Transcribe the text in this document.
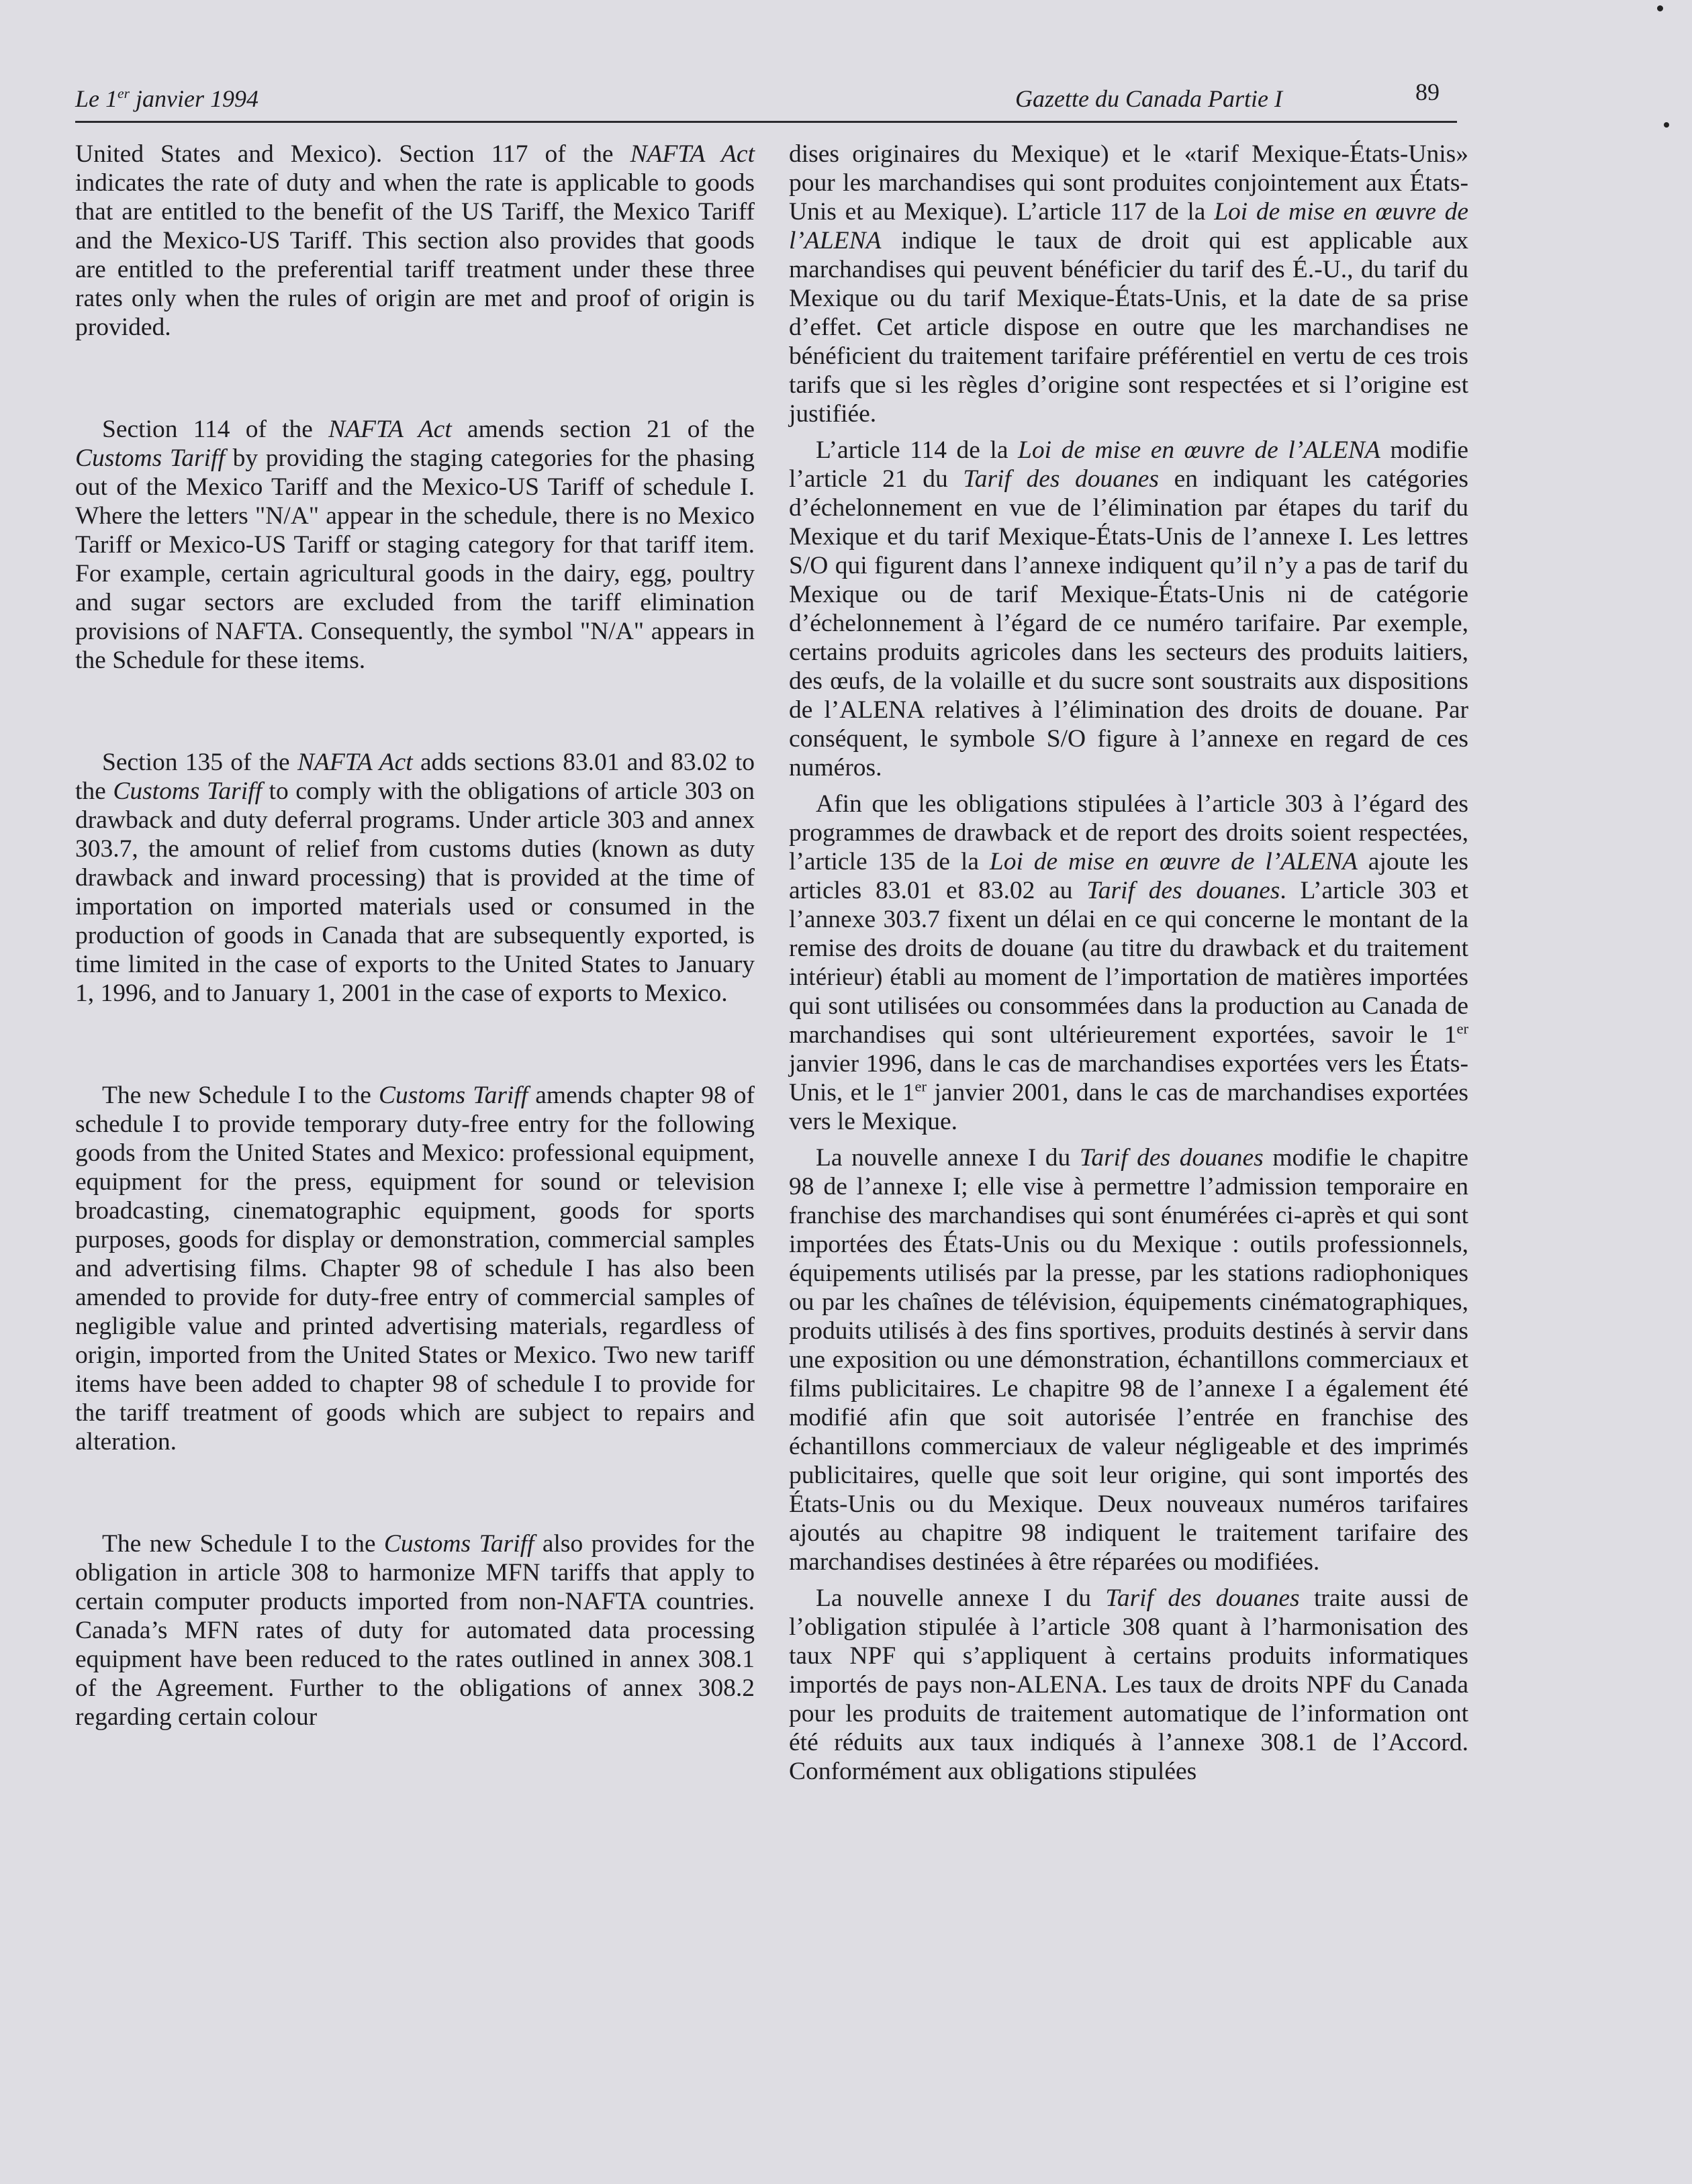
Le 1er janvier 1994	Gazette du Canada Partie I	89

United States and Mexico). Section 117 of the NAFTA Act indicates the rate of duty and when the rate is applicable to goods that are entitled to the benefit of the US Tariff, the Mexico Tariff and the Mexico-US Tariff. This section also provides that goods are entitled to the preferential tariff treatment under these three rates only when the rules of origin are met and proof of origin is provided.

Section 114 of the NAFTA Act amends section 21 of the Customs Tariff by providing the staging categories for the phasing out of the Mexico Tariff and the Mexico-US Tariff of schedule I. Where the letters "N/A" appear in the schedule, there is no Mexico Tariff or Mexico-US Tariff or staging category for that tariff item. For example, certain agricultural goods in the dairy, egg, poultry and sugar sectors are excluded from the tariff elimination provisions of NAFTA. Consequently, the symbol "N/A" appears in the Schedule for these items.

Section 135 of the NAFTA Act adds sections 83.01 and 83.02 to the Customs Tariff to comply with the obligations of article 303 on drawback and duty deferral programs. Under article 303 and annex 303.7, the amount of relief from customs duties (known as duty drawback and inward processing) that is provided at the time of importation on imported materials used or consumed in the production of goods in Canada that are subsequently exported, is time limited in the case of exports to the United States to January 1, 1996, and to January 1, 2001 in the case of exports to Mexico.

The new Schedule I to the Customs Tariff amends chapter 98 of schedule I to provide temporary duty-free entry for the following goods from the United States and Mexico: professional equipment, equipment for the press, equipment for sound or television broadcasting, cinematographic equipment, goods for sports purposes, goods for display or demonstration, commercial samples and advertising films. Chapter 98 of schedule I has also been amended to provide for duty-free entry of commercial samples of negligible value and printed advertising materials, regardless of origin, imported from the United States or Mexico. Two new tariff items have been added to chapter 98 of schedule I to provide for the tariff treatment of goods which are subject to repairs and alteration.

The new Schedule I to the Customs Tariff also provides for the obligation in article 308 to harmonize MFN tariffs that apply to certain computer products imported from non-NAFTA countries. Canada’s MFN rates of duty for automated data processing equipment have been reduced to the rates outlined in annex 308.1 of the Agreement. Further to the obligations of annex 308.2 regarding certain colour

dises originaires du Mexique) et le «tarif Mexique-États-Unis» pour les marchandises qui sont produites conjointement aux États-Unis et au Mexique). L’article 117 de la Loi de mise en œuvre de l’ALENA indique le taux de droit qui est applicable aux marchandises qui peuvent bénéficier du tarif des É.-U., du tarif du Mexique ou du tarif Mexique-États-Unis, et la date de sa prise d’effet. Cet article dispose en outre que les marchandises ne bénéficient du traitement tarifaire préférentiel en vertu de ces trois tarifs que si les règles d’origine sont respectées et si l’origine est justifiée.

L’article 114 de la Loi de mise en œuvre de l’ALENA modifie l’article 21 du Tarif des douanes en indiquant les catégories d’échelonnement en vue de l’élimination par étapes du tarif du Mexique et du tarif Mexique-États-Unis de l’annexe I. Les lettres S/O qui figurent dans l’annexe indiquent qu’il n’y a pas de tarif du Mexique ou de tarif Mexique-États-Unis ni de catégorie d’échelonnement à l’égard de ce numéro tarifaire. Par exemple, certains produits agricoles dans les secteurs des produits laitiers, des œufs, de la volaille et du sucre sont soustraits aux dispositions de l’ALENA relatives à l’élimination des droits de douane. Par conséquent, le symbole S/O figure à l’annexe en regard de ces numéros.

Afin que les obligations stipulées à l’article 303 à l’égard des programmes de drawback et de report des droits soient respectées, l’article 135 de la Loi de mise en œuvre de l’ALENA ajoute les articles 83.01 et 83.02 au Tarif des douanes. L’article 303 et l’annexe 303.7 fixent un délai en ce qui concerne le montant de la remise des droits de douane (au titre du drawback et du traitement intérieur) établi au moment de l’importation de matières importées qui sont utilisées ou consommées dans la production au Canada de marchandises qui sont ultérieurement exportées, savoir le 1er janvier 1996, dans le cas de marchandises exportées vers les États-Unis, et le 1er janvier 2001, dans le cas de marchandises exportées vers le Mexique.

La nouvelle annexe I du Tarif des douanes modifie le chapitre 98 de l’annexe I; elle vise à permettre l’admission temporaire en franchise des marchandises qui sont énumérées ci-après et qui sont importées des États-Unis ou du Mexique : outils professionnels, équipements utilisés par la presse, par les stations radiophoniques ou par les chaînes de télévision, équipements cinématographiques, produits utilisés à des fins sportives, produits destinés à servir dans une exposition ou une démonstration, échantillons commerciaux et films publicitaires. Le chapitre 98 de l’annexe I a également été modifié afin que soit autorisée l’entrée en franchise des échantillons commerciaux de valeur négligeable et des imprimés publicitaires, quelle que soit leur origine, qui sont importés des États-Unis ou du Mexique. Deux nouveaux numéros tarifaires ajoutés au chapitre 98 indiquent le traitement tarifaire des marchandises destinées à être réparées ou modifiées.

La nouvelle annexe I du Tarif des douanes traite aussi de l’obligation stipulée à l’article 308 quant à l’harmonisation des taux NPF qui s’appliquent à certains produits informatiques importés de pays non-ALENA. Les taux de droits NPF du Canada pour les produits de traitement automatique de l’information ont été réduits aux taux indiqués à l’annexe 308.1 de l’Accord. Conformément aux obligations stipulées
